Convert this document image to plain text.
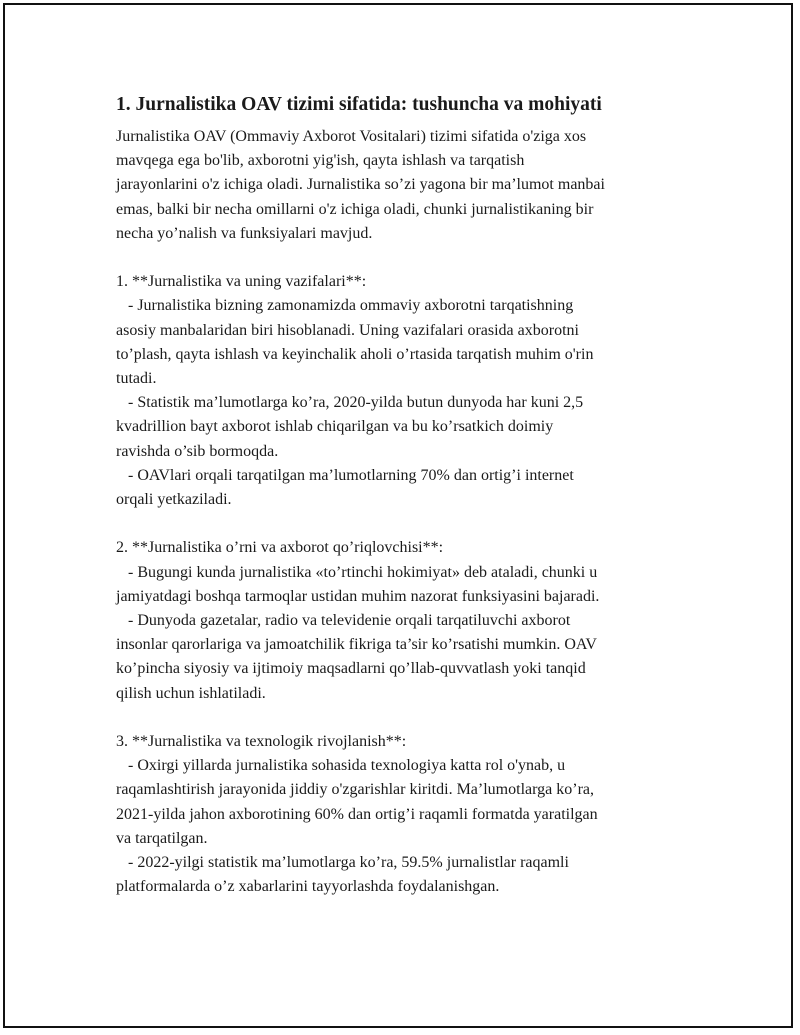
1. Jurnalistika OAV tizimi sifatida: tushuncha va mohiyati
Jurnalistika OAV (Ommaviy Axborot Vositalari) tizimi sifatida o'ziga xos
mavqega ega bo'lib, axborotni yig'ish, qayta ishlash va tarqatish
jarayonlarini o'z ichiga oladi. Jurnalistika so’zi yagona bir ma’lumot manbai
emas, balki bir necha omillarni o'z ichiga oladi, chunki jurnalistikaning bir
necha yo’nalish va funksiyalari mavjud.
1. **Jurnalistika va uning vazifalari**:
- Jurnalistika bizning zamonamizda ommaviy axborotni tarqatishning
asosiy manbalaridan biri hisoblanadi. Uning vazifalari orasida axborotni
to’plash, qayta ishlash va keyinchalik aholi o’rtasida tarqatish muhim o'rin
tutadi.
- Statistik ma’lumotlarga ko’ra, 2020-yilda butun dunyoda har kuni 2,5
kvadrillion bayt axborot ishlab chiqarilgan va bu ko’rsatkich doimiy
ravishda o’sib bormoqda.
- OAVlari orqali tarqatilgan ma’lumotlarning 70% dan ortig’i internet
orqali yetkaziladi.
2. **Jurnalistika o’rni va axborot qo’riqlovchisi**:
- Bugungi kunda jurnalistika «to’rtinchi hokimiyat» deb ataladi, chunki u
jamiyatdagi boshqa tarmoqlar ustidan muhim nazorat funksiyasini bajaradi.
- Dunyoda gazetalar, radio va televidenie orqali tarqatiluvchi axborot
insonlar qarorlariga va jamoatchilik fikriga ta’sir ko’rsatishi mumkin. OAV
ko’pincha siyosiy va ijtimoiy maqsadlarni qo’llab-quvvatlash yoki tanqid
qilish uchun ishlatiladi.
3. **Jurnalistika va texnologik rivojlanish**:
- Oxirgi yillarda jurnalistika sohasida texnologiya katta rol o'ynab, u
raqamlashtirish jarayonida jiddiy o'zgarishlar kiritdi. Ma’lumotlarga ko’ra,
2021-yilda jahon axborotining 60% dan ortig’i raqamli formatda yaratilgan
va tarqatilgan.
- 2022-yilgi statistik ma’lumotlarga ko’ra, 59.5% jurnalistlar raqamli
platformalarda o’z xabarlarini tayyorlashda foydalanishgan.
